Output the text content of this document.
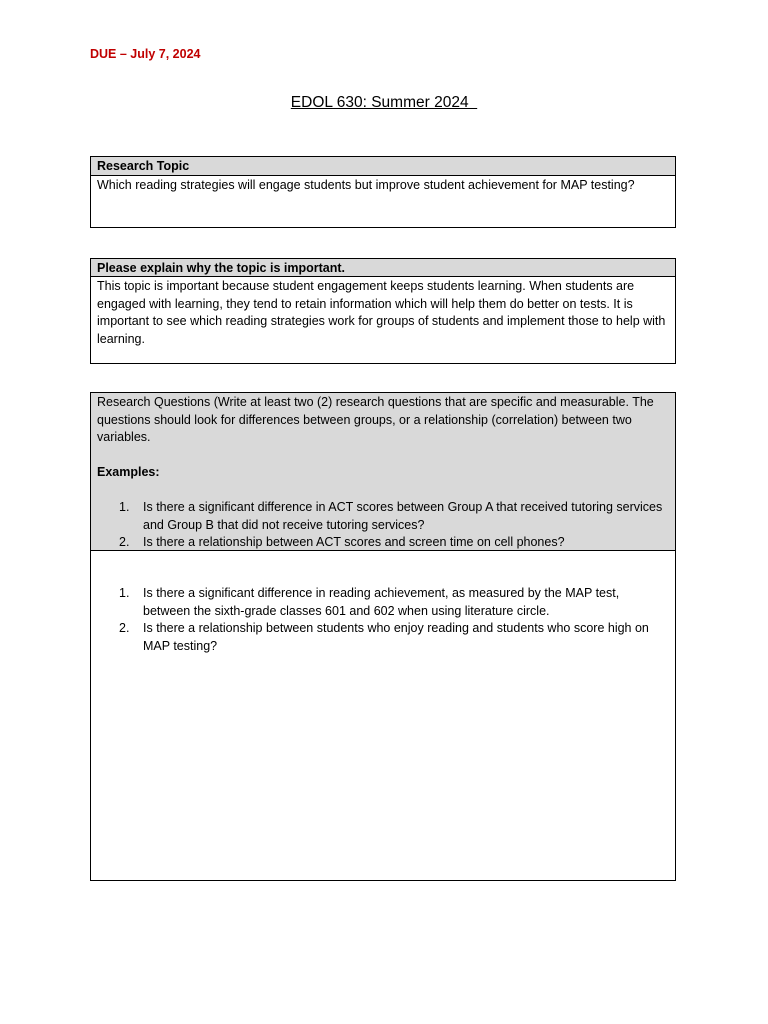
DUE – July 7, 2024
EDOL 630: Summer 2024
Research Topic
Which reading strategies will engage students but improve student achievement for MAP testing?
Please explain why the topic is important.
This topic is important because student engagement keeps students learning. When students are engaged with learning, they tend to retain information which will help them do better on tests. It is important to see which reading strategies work for groups of students and implement those to help with learning.
Research Questions (Write at least two (2) research questions that are specific and measurable. The questions should look for differences between groups, or a relationship (correlation) between two variables.
Examples:
1. Is there a significant difference in ACT scores between Group A that received tutoring services and Group B that did not receive tutoring services?
2. Is there a relationship between ACT scores and screen time on cell phones?
1. Is there a significant difference in reading achievement, as measured by the MAP test, between the sixth-grade classes 601 and 602 when using literature circle.
2. Is there a relationship between students who enjoy reading and students who score high on MAP testing?
